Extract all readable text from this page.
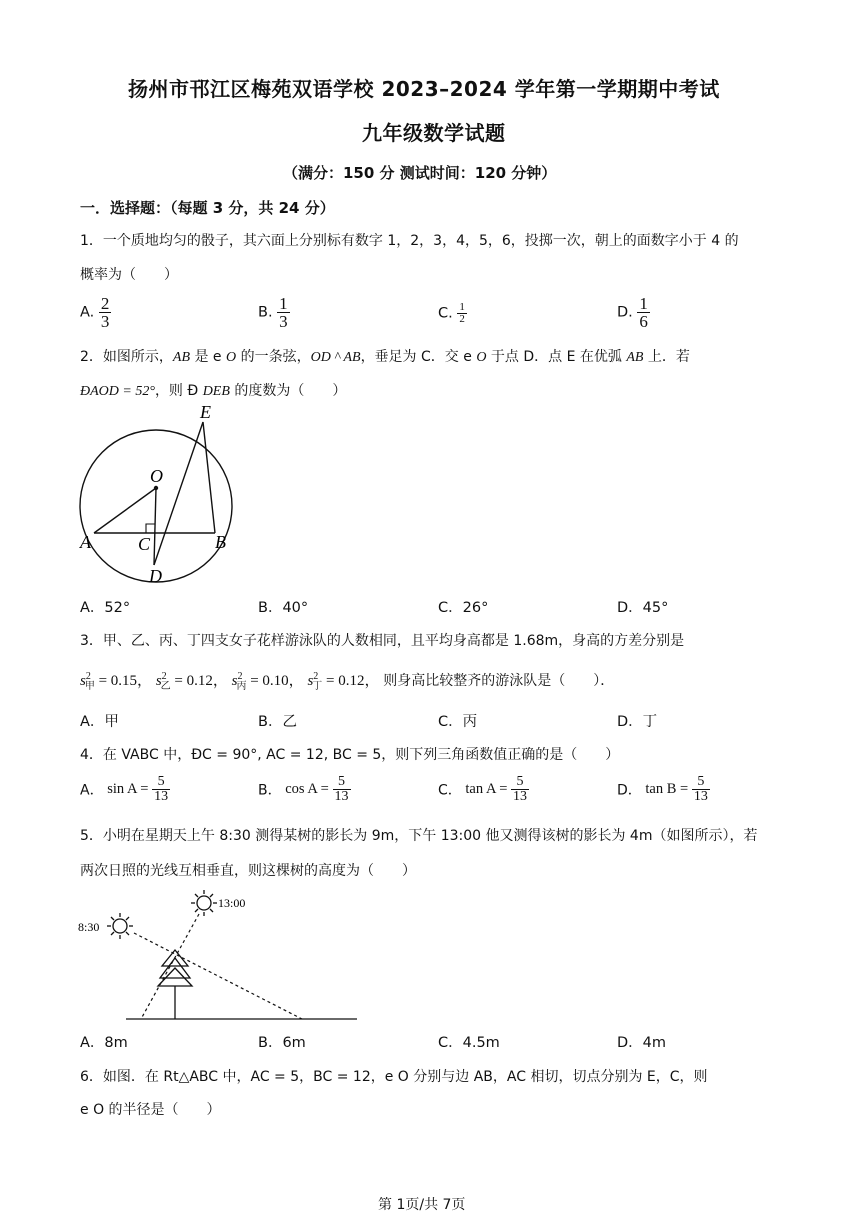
扬州市邗江区梅苑双语学校 2023–2024 学年第一学期期中考试
九年级数学试题
（满分：150 分 测试时间：120 分钟）
一．选择题：（每题 3 分，共 24 分）
1．一个质地均匀的骰子，其六面上分别标有数字 1，2，3，4，5，6，投掷一次，朝上的面数字小于 4 的
概率为（　　）
A. $\frac{2}{3}$	B. $\frac{1}{3}$	C. $\frac{1}{2}$	D. $\frac{1}{6}$
2．如图所示，AB 是 e O 的一条弦，OD ^ AB，垂足为 C．交 e O 于点 D．点 E 在优弧 AB 上．若
ÐAOD = 52°，则 Ð DEB 的度数为（　　）
E
O
A	C	B
D
A．52°	B．40°	C．26°	D．45°
3．甲、乙、丙、丁四支女子花样游泳队的人数相同，且平均身高都是 1.68m，身高的方差分别是
$s^2_甲 = 0.15$， $s^2_乙 = 0.12$， $s^2_丙 = 0.10$， $s^2_丁 = 0.12$， 则身高比较整齐的游泳队是（　　）．
A．甲	B．乙	C．丙	D．丁
4．在 VABC 中，ÐC = 90°, AC = 12, BC = 5，则下列三角函数值正确的是（　　）
A． $\sin A = \frac{5}{13}$	B． $\cos A = \frac{5}{13}$	C． $\tan A = \frac{5}{13}$	D． $\tan B = \frac{5}{13}$
5．小明在星期天上午 8:30 测得某树的影长为 9m，下午 13:00 他又测得该树的影长为 4m（如图所示），若
两次日照的光线互相垂直，则这棵树的高度为（　　）
8:30
13:00
A．8m	B．6m	C．4.5m	D．4m
6．如图．在 Rt△ABC 中，AC = 5，BC = 12，e O 分别与边 AB，AC 相切，切点分别为 E，C，则
e O 的半径是（　　）
第 1页/共 7页
